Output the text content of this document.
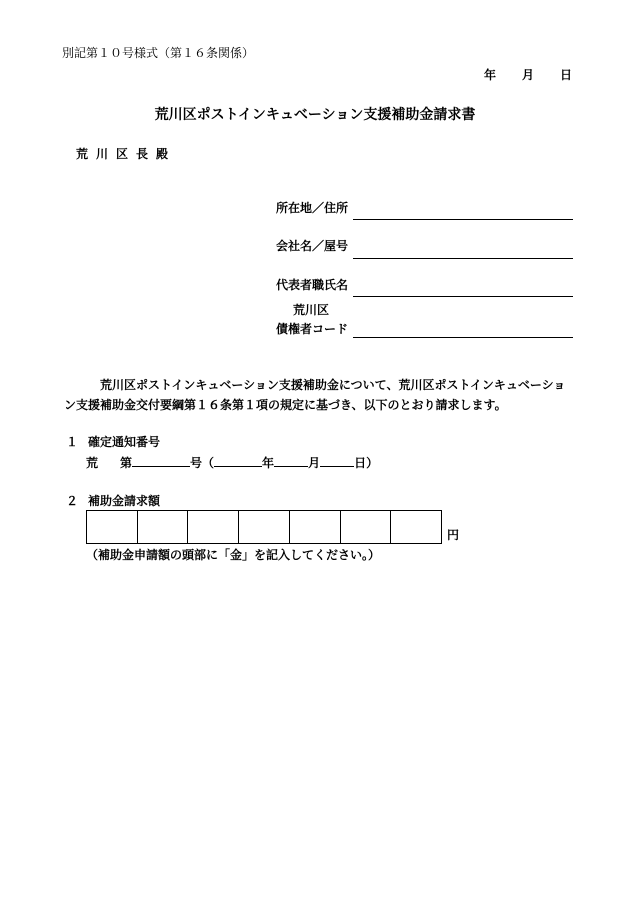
別記第１０号様式（第１６条関係）
年 月 日
荒川区ポストインキュベーション支援補助金請求書
荒川区長殿
所在地／住所
会社名／屋号
代表者職氏名
荒川区
債権者コード
荒川区ポストインキュベーション支援補助金について、荒川区ポストインキュベーション支援補助金交付要綱第１６条第１項の規定に基づき、以下のとおり請求します。
１ 確定通知番号
荒 第	号（	年	月	日）
２ 補助金請求額
円
（補助金申請額の頭部に「金」を記入してください。）
